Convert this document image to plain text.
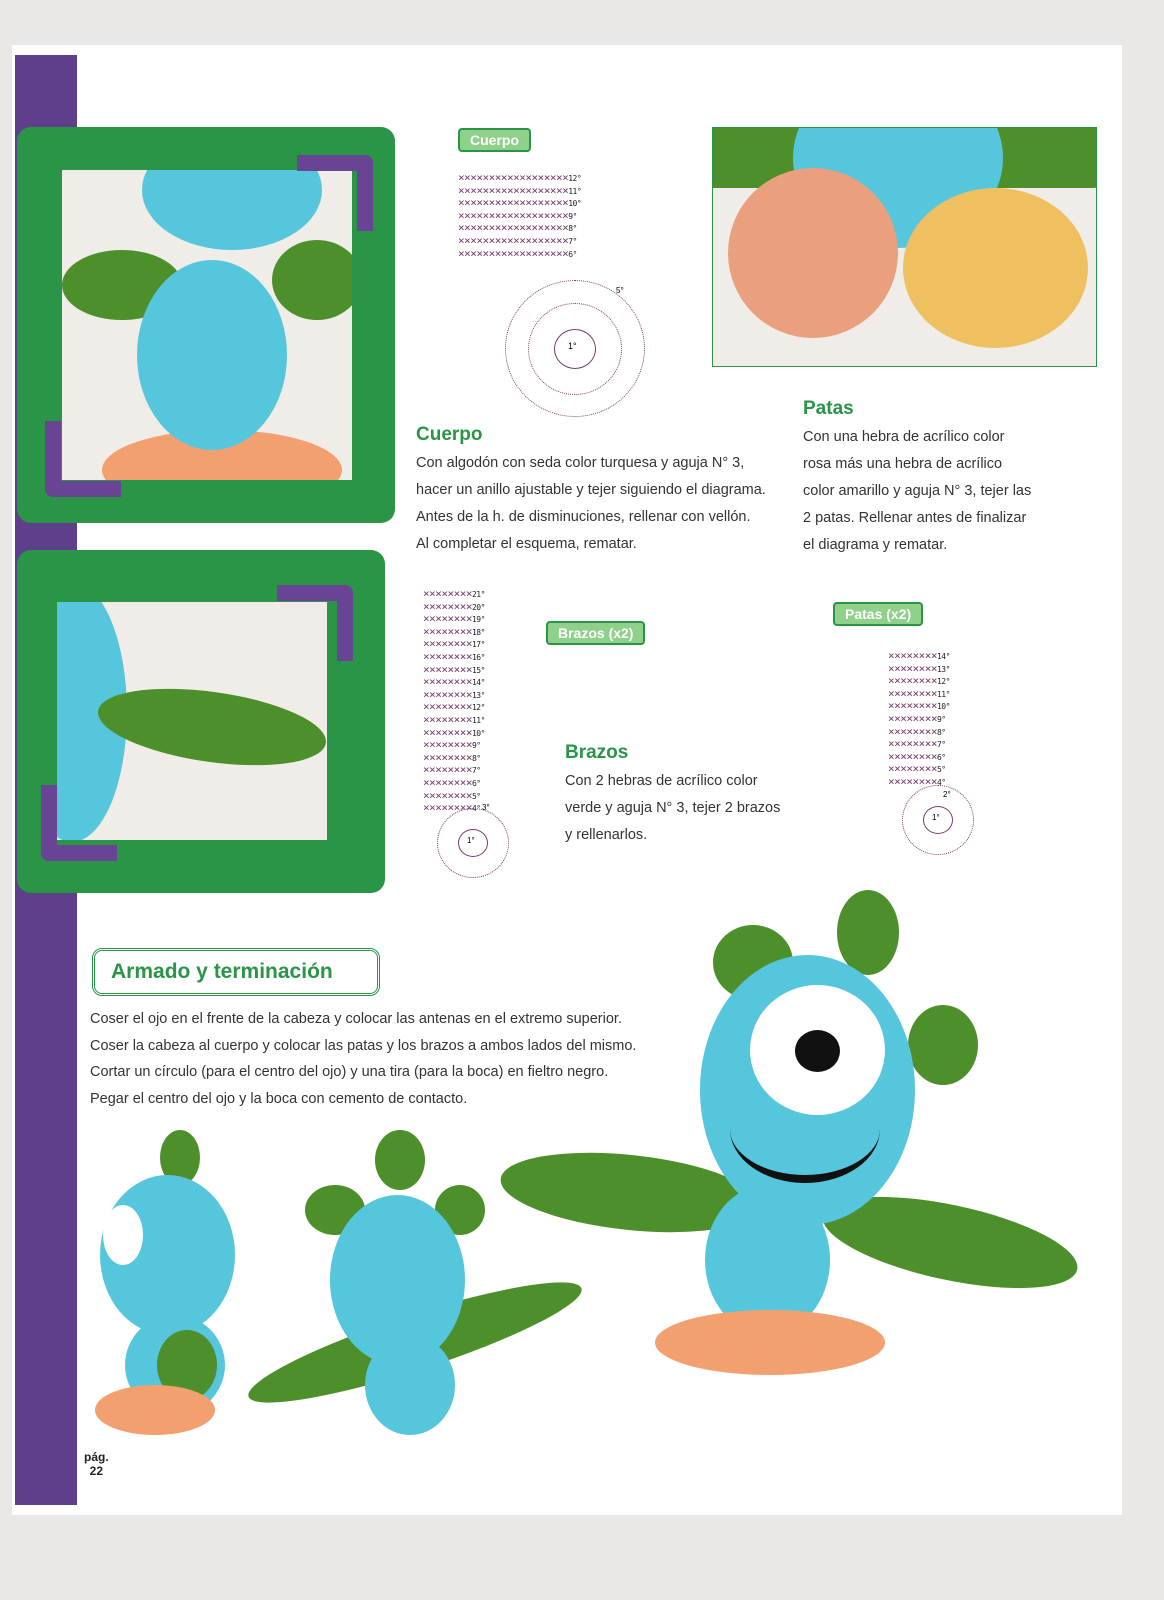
Cuerpo
××××××××××××××××××12°
××××××××××××××××××11°
××××××××××××××××××10°
××××××××××××××××××9°
××××××××××××××××××8°
××××××××××××××××××7°
××××××××××××××××××6°
1°
5°
Cuerpo

Con algodón con seda color turquesa y aguja N° 3, hacer un anillo ajustable y tejer siguiendo el diagrama. Antes de la h. de disminuciones, rellenar con vellón. Al completar el esquema, rematar.

Patas

Con una hebra de acrílico color rosa más una hebra de acrílico color amarillo y aguja N° 3, tejer las 2 patas. Rellenar antes de finalizar el diagrama y rematar.

××××××××21°
××××××××20°
××××××××19°
××××××××18°
××××××××17°
××××××××16°
××××××××15°
××××××××14°
××××××××13°
××××××××12°
××××××××11°
××××××××10°
××××××××9°
××××××××8°
××××××××7°
××××××××6°
××××××××5°
××××××××4°
Brazos (x2)
1°
3°
Brazos

Con 2 hebras de acrílico color verde y aguja N° 3, tejer 2 brazos y rellenarlos.

Patas (x2)
××××××××14°
××××××××13°
××××××××12°
××××××××11°
××××××××10°
××××××××9°
××××××××8°
××××××××7°
××××××××6°
××××××××5°
××××××××4°
1°
2°
Armado y terminación

Coser el ojo en el frente de la cabeza y colocar las antenas en el extremo superior.

Coser la cabeza al cuerpo y colocar las patas y los brazos a ambos lados del mismo.

Cortar un círculo (para el centro del ojo) y una tira (para la boca) en fieltro negro.

Pegar el centro del ojo y la boca con cemento de contacto.

pág.
22
